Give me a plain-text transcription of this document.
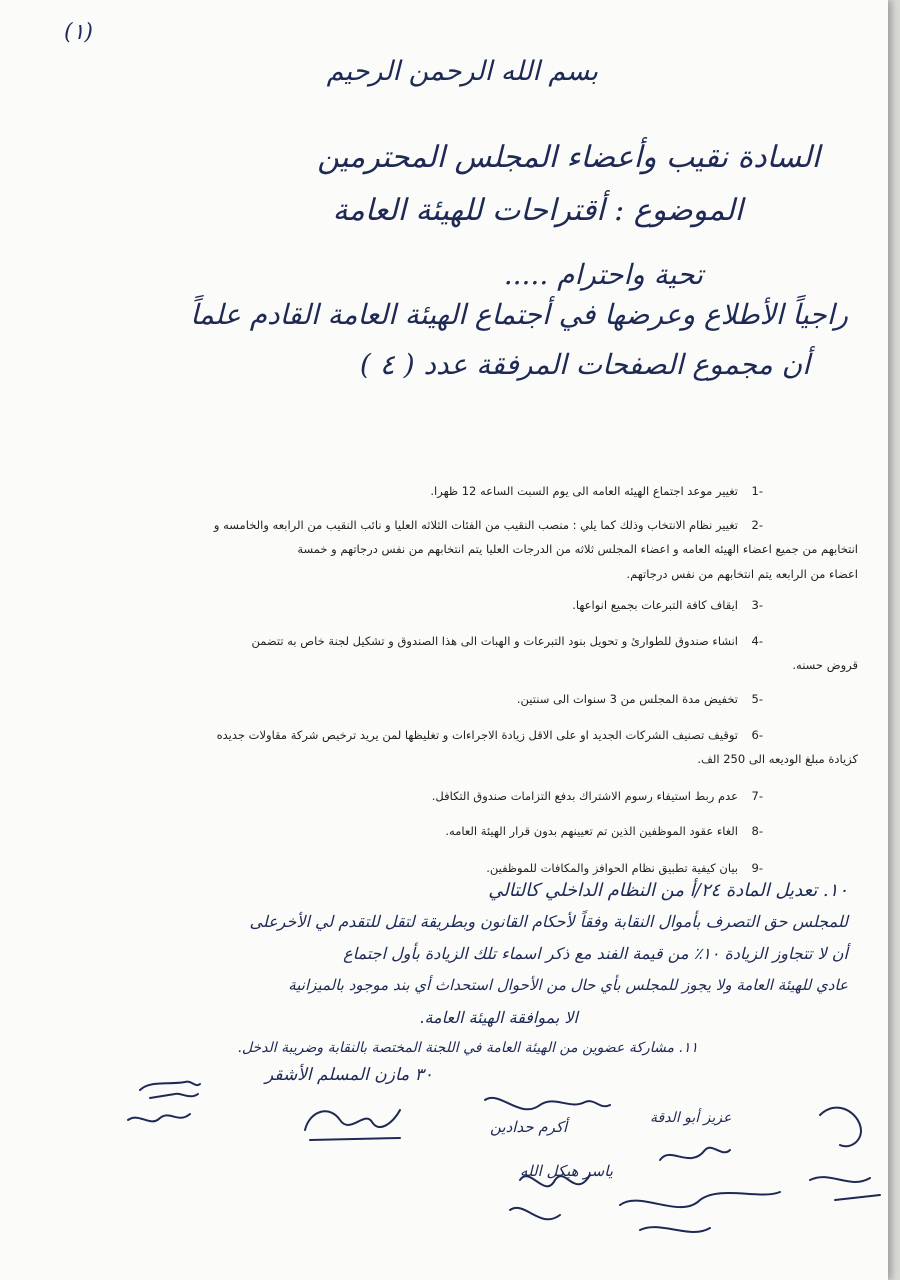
(١)
بسم الله الرحمن الرحيم
السادة نقيب وأعضاء المجلس المحترمين
الموضوع : أقتراحات للهيئة العامة
تحية واحترام .....
راجياً الأطلاع وعرضها في أجتماع الهيئة العامة القادم علماً
أن مجموع الصفحات المرفقة عدد ( ٤ )
1-
تغيير موعد اجتماع الهيئه العامه الى يوم السبت الساعه 12 ظهرا.
2-
تغيير نظام الانتخاب وذلك كما يلي : منصب النقيب من الفئات الثلاثه العليا و نائب النقيب من الرابعه والخامسه و
انتخابهم من جميع اعضاء الهيئه العامه و اعضاء المجلس ثلاثه من الدرجات العليا يتم انتخابهم من نفس درجاتهم و خمسة
اعضاء من الرابعه يتم انتخابهم من نفس درجاتهم.
3-
ايقاف كافة التبرعات بجميع انواعها.
4-
انشاء صندوق للطوارئ و تحويل بنود التبرعات و الهبات الى هذا الصندوق و تشكيل لجنة خاص به تتضمن
قروض حسنه.
5-
تخفيض مدة المجلس من 3 سنوات الى سنتين.
6-
توقيف تصنيف الشركات الجديد او على الاقل زيادة الاجراءات و تغليظها لمن يريد ترخيص شركة مقاولات جديده
كزيادة مبلغ الوديعه الى 250 الف.
7-
عدم ربط استيفاء رسوم الاشتراك بدفع التزامات صندوق التكافل.
8-
الغاء عقود الموظفين الذين تم تعيينهم بدون قرار الهيئة العامه.
9-
بيان كيفية تطبيق نظام الحوافز والمكافات للموظفين.
١٠. تعديل المادة ٢٤/أ من النظام الداخلي كالتالي
للمجلس حق التصرف بأموال النقابة وفقاً لأحكام القانون وبطريقة لتقل للتقدم لي الأخرعلى
أن لا تتجاوز الزيادة ١٠٪ من قيمة الفند مع ذكر اسماء تلك الزيادة بأول اجتماع
عادي للهيئة العامة ولا يجوز للمجلس بأي حال من الأحوال استحداث أي بند موجود بالميزانية
الا بموافقة الهيئة العامة.
١١. مشاركة عضوين من الهيئة العامة في اللجنة المختصة بالنقابة وضريبة الدخل.
٣٠ مازن المسلم الأشقر
أكرم حدادين
ياسر هيكل الله
عزيز أبو الدقة
